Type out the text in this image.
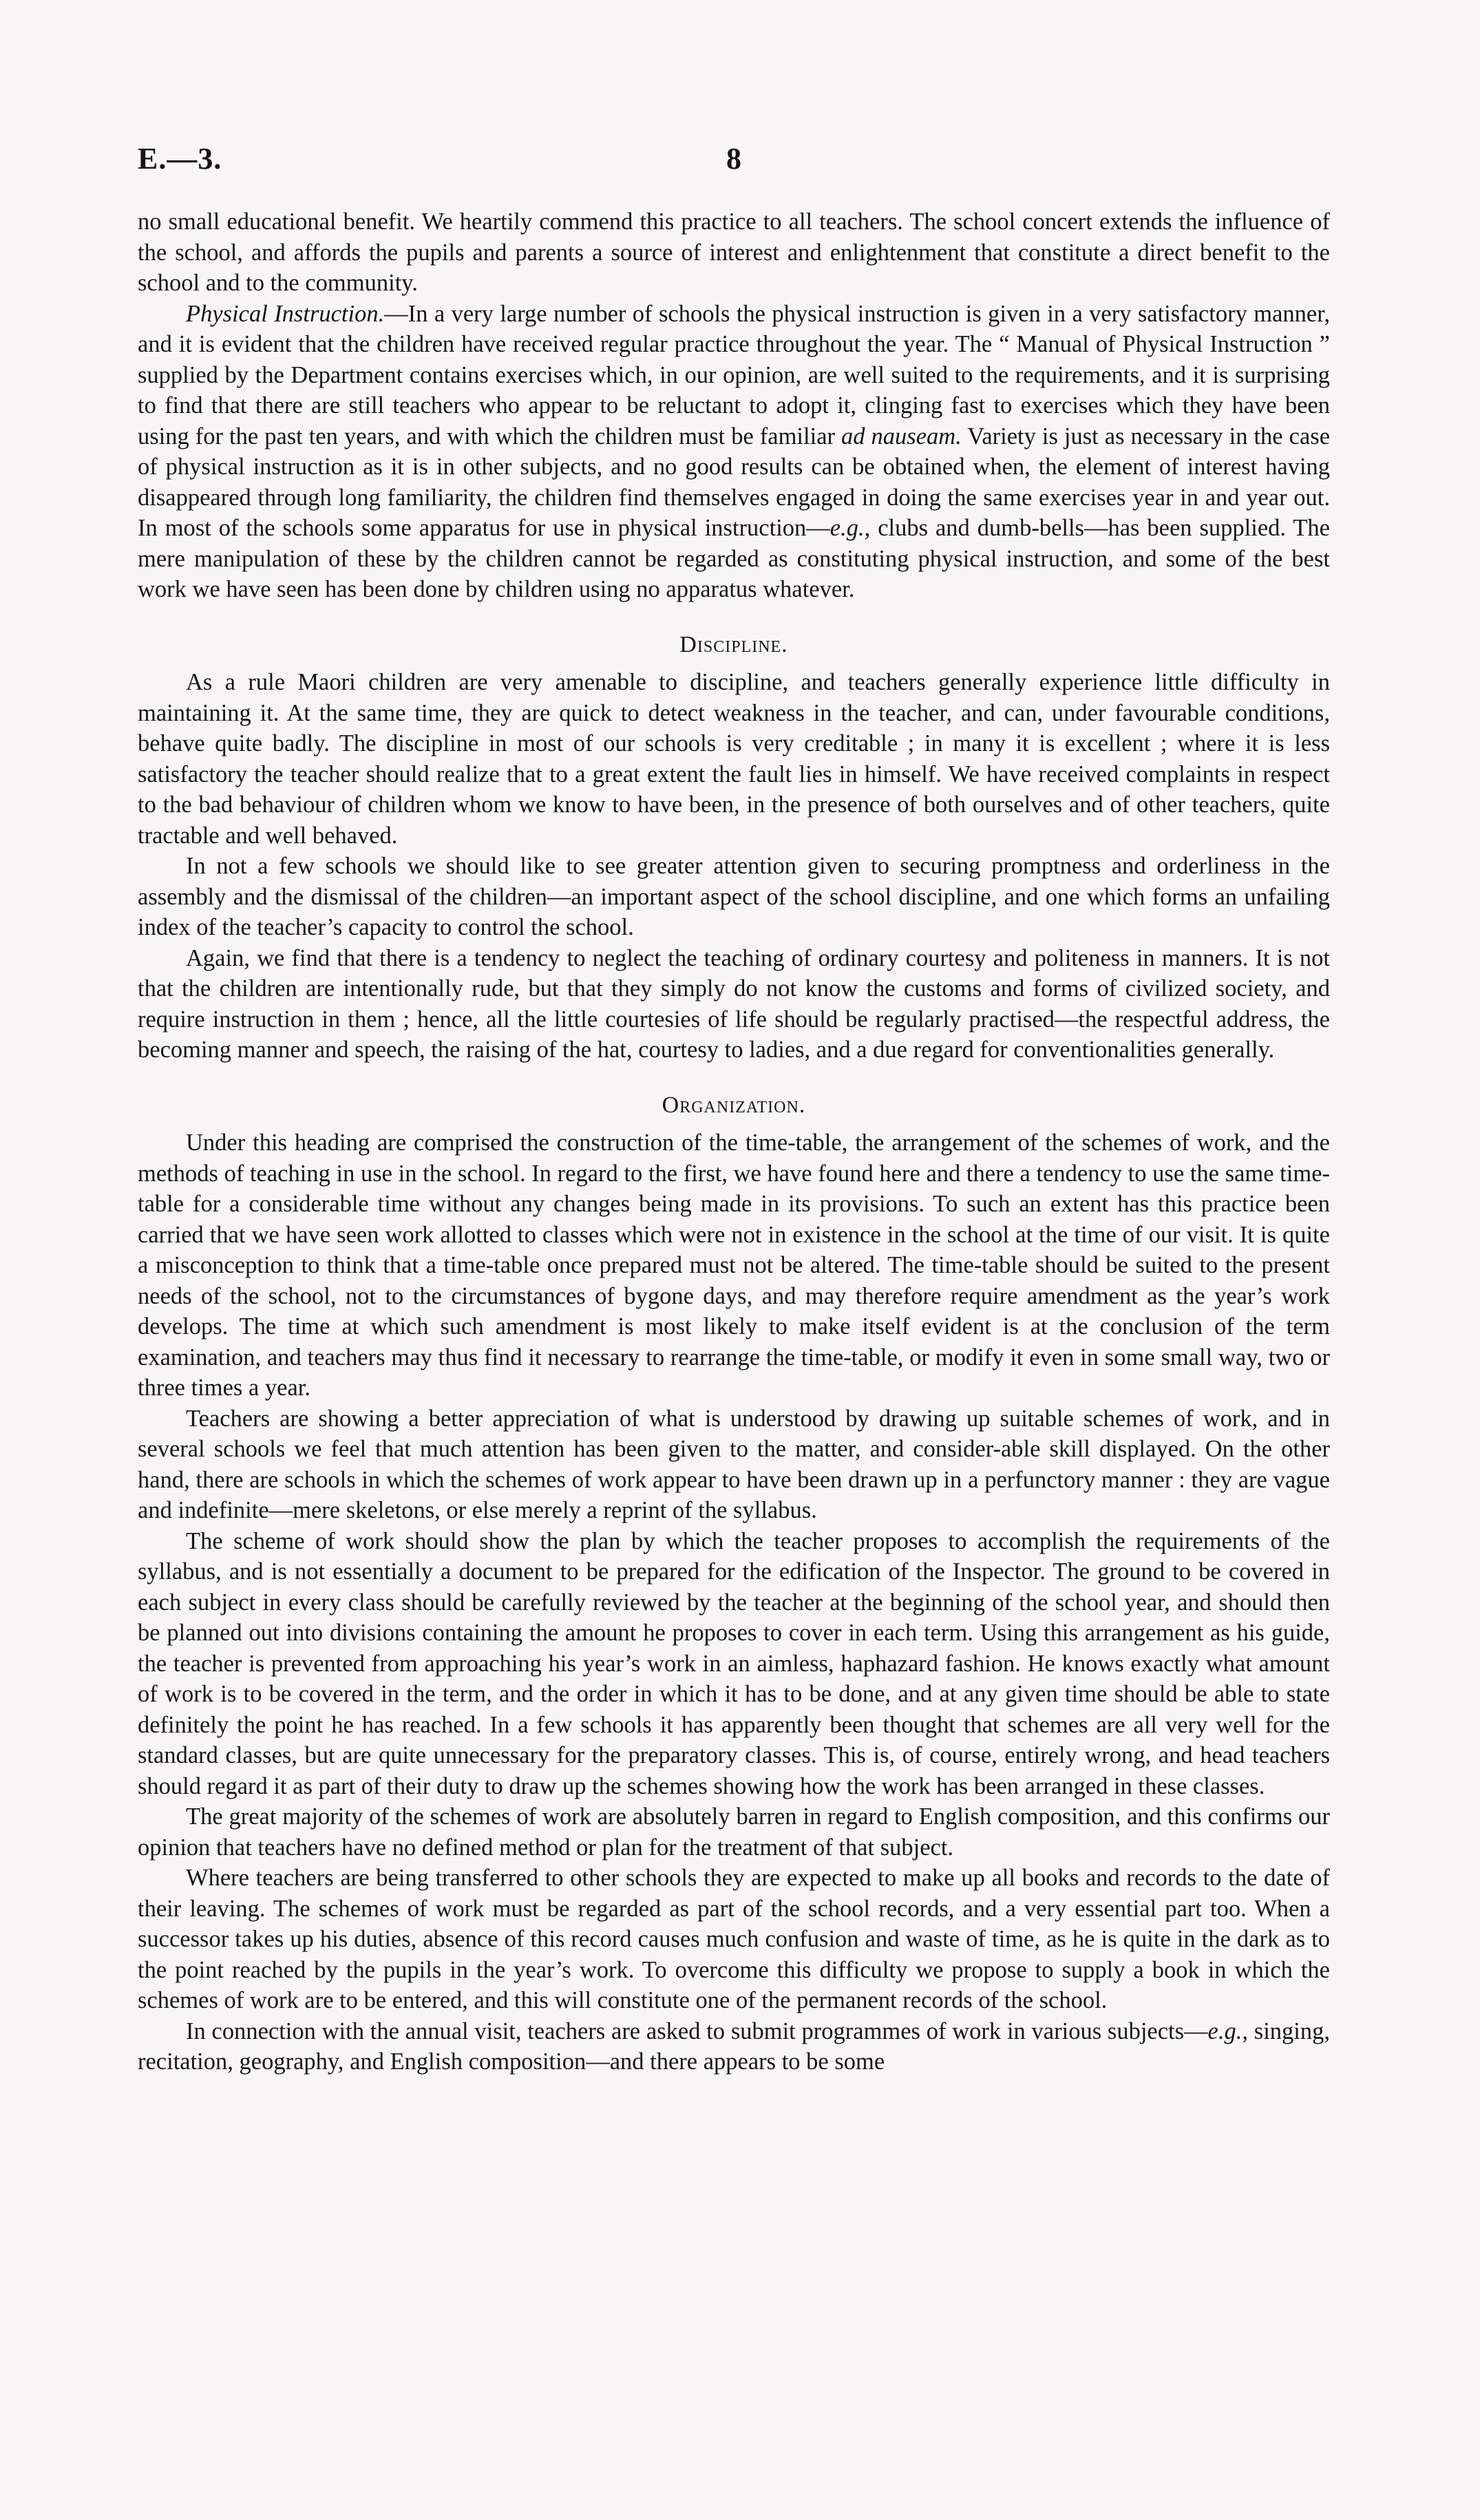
E.—3.	8

no small educational benefit. We heartily commend this practice to all teachers. The school concert extends the influence of the school, and affords the pupils and parents a source of interest and enlightenment that constitute a direct benefit to the school and to the community.

Physical Instruction.—In a very large number of schools the physical instruction is given in a very satisfactory manner, and it is evident that the children have received regular practice throughout the year. The “ Manual of Physical Instruction ” supplied by the Department contains exercises which, in our opinion, are well suited to the requirements, and it is surprising to find that there are still teachers who appear to be reluctant to adopt it, clinging fast to exercises which they have been using for the past ten years, and with which the children must be familiar ad nauseam. Variety is just as necessary in the case of physical instruction as it is in other subjects, and no good results can be obtained when, the element of interest having disappeared through long familiarity, the children find themselves engaged in doing the same exercises year in and year out. In most of the schools some apparatus for use in physical instruction—e.g., clubs and dumb-bells—has been supplied. The mere manipulation of these by the children cannot be regarded as constituting physical instruction, and some of the best work we have seen has been done by children using no apparatus whatever.

Discipline.

As a rule Maori children are very amenable to discipline, and teachers generally experience little difficulty in maintaining it. At the same time, they are quick to detect weakness in the teacher, and can, under favourable conditions, behave quite badly. The discipline in most of our schools is very creditable ; in many it is excellent ; where it is less satisfactory the teacher should realize that to a great extent the fault lies in himself. We have received complaints in respect to the bad behaviour of children whom we know to have been, in the presence of both ourselves and of other teachers, quite tractable and well behaved.

In not a few schools we should like to see greater attention given to securing promptness and orderliness in the assembly and the dismissal of the children—an important aspect of the school discipline, and one which forms an unfailing index of the teacher’s capacity to control the school.

Again, we find that there is a tendency to neglect the teaching of ordinary courtesy and politeness in manners. It is not that the children are intentionally rude, but that they simply do not know the customs and forms of civilized society, and require instruction in them ; hence, all the little courtesies of life should be regularly practised—the respectful address, the becoming manner and speech, the raising of the hat, courtesy to ladies, and a due regard for conventionalities generally.

Organization.

Under this heading are comprised the construction of the time-table, the arrangement of the schemes of work, and the methods of teaching in use in the school. In regard to the first, we have found here and there a tendency to use the same time-table for a considerable time without any changes being made in its provisions. To such an extent has this practice been carried that we have seen work allotted to classes which were not in existence in the school at the time of our visit. It is quite a misconception to think that a time-table once prepared must not be altered. The time-table should be suited to the present needs of the school, not to the circumstances of bygone days, and may therefore require amendment as the year’s work develops. The time at which such amendment is most likely to make itself evident is at the conclusion of the term examination, and teachers may thus find it necessary to rearrange the time-table, or modify it even in some small way, two or three times a year.

Teachers are showing a better appreciation of what is understood by drawing up suitable schemes of work, and in several schools we feel that much attention has been given to the matter, and consider-able skill displayed. On the other hand, there are schools in which the schemes of work appear to have been drawn up in a perfunctory manner : they are vague and indefinite—mere skeletons, or else merely a reprint of the syllabus.

The scheme of work should show the plan by which the teacher proposes to accomplish the requirements of the syllabus, and is not essentially a document to be prepared for the edification of the Inspector. The ground to be covered in each subject in every class should be carefully reviewed by the teacher at the beginning of the school year, and should then be planned out into divisions containing the amount he proposes to cover in each term. Using this arrangement as his guide, the teacher is prevented from approaching his year’s work in an aimless, haphazard fashion. He knows exactly what amount of work is to be covered in the term, and the order in which it has to be done, and at any given time should be able to state definitely the point he has reached. In a few schools it has apparently been thought that schemes are all very well for the standard classes, but are quite unnecessary for the preparatory classes. This is, of course, entirely wrong, and head teachers should regard it as part of their duty to draw up the schemes showing how the work has been arranged in these classes.

The great majority of the schemes of work are absolutely barren in regard to English composition, and this confirms our opinion that teachers have no defined method or plan for the treatment of that subject.

Where teachers are being transferred to other schools they are expected to make up all books and records to the date of their leaving. The schemes of work must be regarded as part of the school records, and a very essential part too. When a successor takes up his duties, absence of this record causes much confusion and waste of time, as he is quite in the dark as to the point reached by the pupils in the year’s work. To overcome this difficulty we propose to supply a book in which the schemes of work are to be entered, and this will constitute one of the permanent records of the school.

In connection with the annual visit, teachers are asked to submit programmes of work in various subjects—e.g., singing, recitation, geography, and English composition—and there appears to be some
